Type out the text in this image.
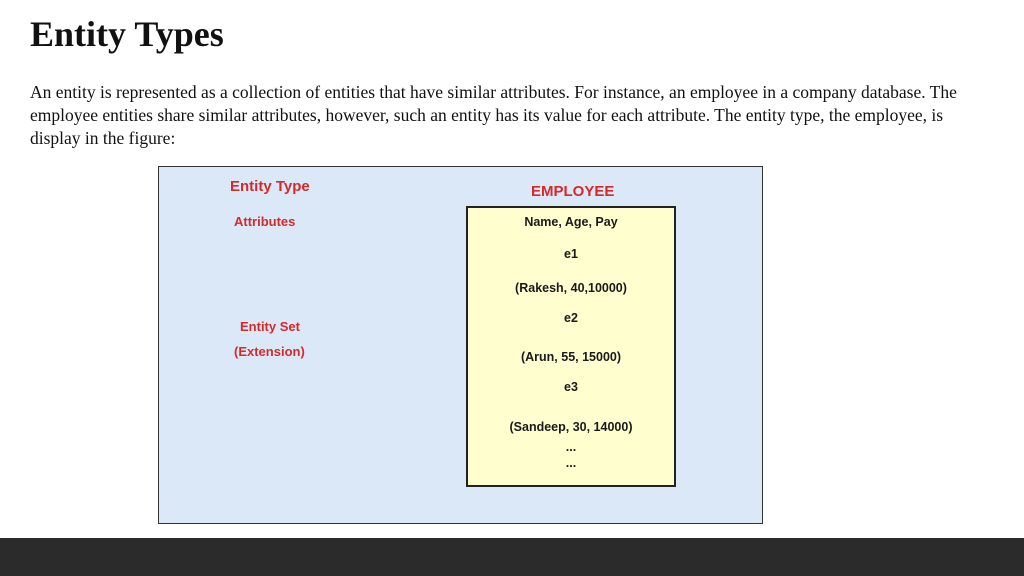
Entity Types

An entity is represented as a collection of entities that have similar attributes. For instance, an employee in a company database. The employee entities share similar attributes, however, such an entity has its value for each attribute. The entity type, the employee, is display in the figure:

Entity Type
Attributes
Entity Set
(Extension)
EMPLOYEE
Name, Age, Pay
e1
(Rakesh, 40,10000)
e2
(Arun, 55, 15000)
e3
(Sandeep, 30, 14000)
...
...
